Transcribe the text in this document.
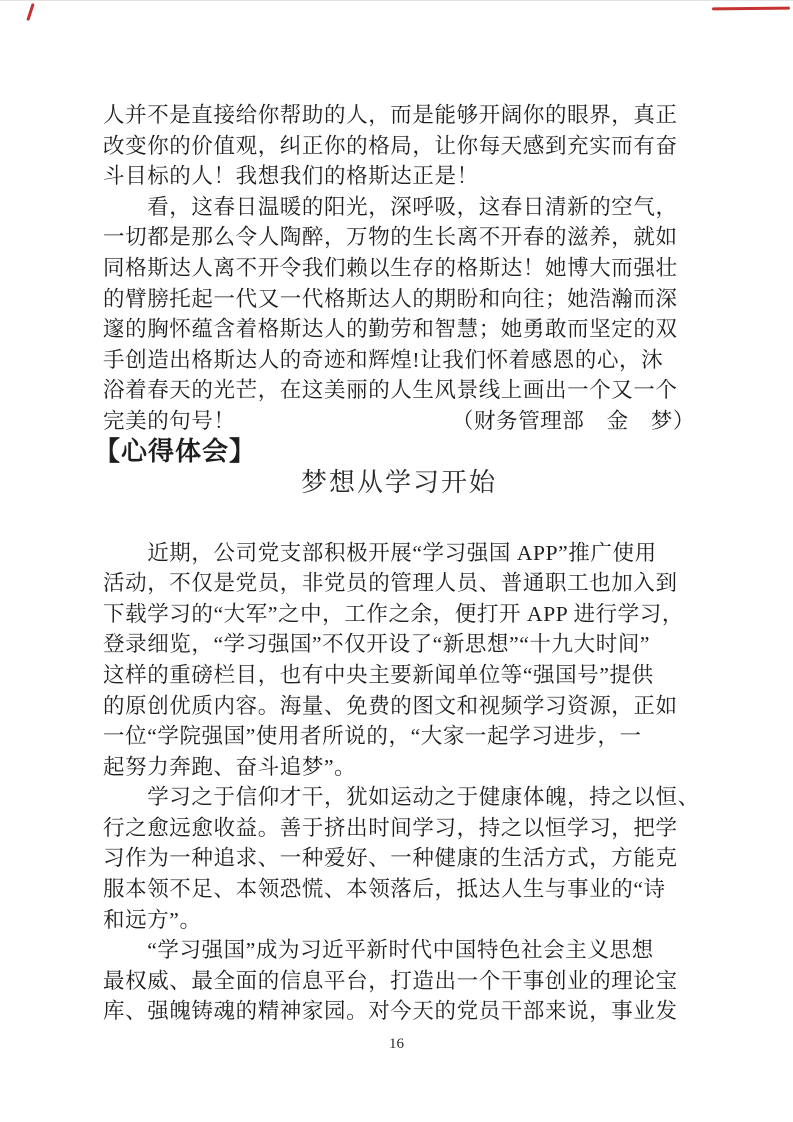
人并不是直接给你帮助的人，而是能够开阔你的眼界，真正
改变你的价值观，纠正你的格局，让你每天感到充实而有奋
斗目标的人！我想我们的格斯达正是！
　　看，这春日温暖的阳光，深呼吸，这春日清新的空气，
一切都是那么令人陶醉，万物的生长离不开春的滋养，就如
同格斯达人离不开令我们赖以生存的格斯达！她博大而强壮
的臂膀托起一代又一代格斯达人的期盼和向往；她浩瀚而深
邃的胸怀蕴含着格斯达人的勤劳和智慧；她勇敢而坚定的双
手创造出格斯达人的奇迹和辉煌!让我们怀着感恩的心，沐
浴着春天的光芒，在这美丽的人生风景线上画出一个又一个
完美的句号！	（财务管理部　金　梦）
【心得体会】
梦想从学习开始
　　近期，公司党支部积极开展“学习强国 APP”推广使用
活动，不仅是党员，非党员的管理人员、普通职工也加入到
下载学习的“大军”之中，工作之余，便打开 APP 进行学习，
登录细览，“学习强国”不仅开设了“新思想”“十九大时间”
这样的重磅栏目，也有中央主要新闻单位等“强国号”提供
的原创优质内容。海量、免费的图文和视频学习资源，正如
一位“学院强国”使用者所说的，“大家一起学习进步，一
起努力奔跑、奋斗追梦”。
　　学习之于信仰才干，犹如运动之于健康体魄，持之以恒、
行之愈远愈收益。善于挤出时间学习，持之以恒学习，把学
习作为一种追求、一种爱好、一种健康的生活方式，方能克
服本领不足、本领恐慌、本领落后，抵达人生与事业的“诗
和远方”。
　　“学习强国”成为习近平新时代中国特色社会主义思想
最权威、最全面的信息平台，打造出一个干事创业的理论宝
库、强魄铸魂的精神家园。对今天的党员干部来说，事业发
16
